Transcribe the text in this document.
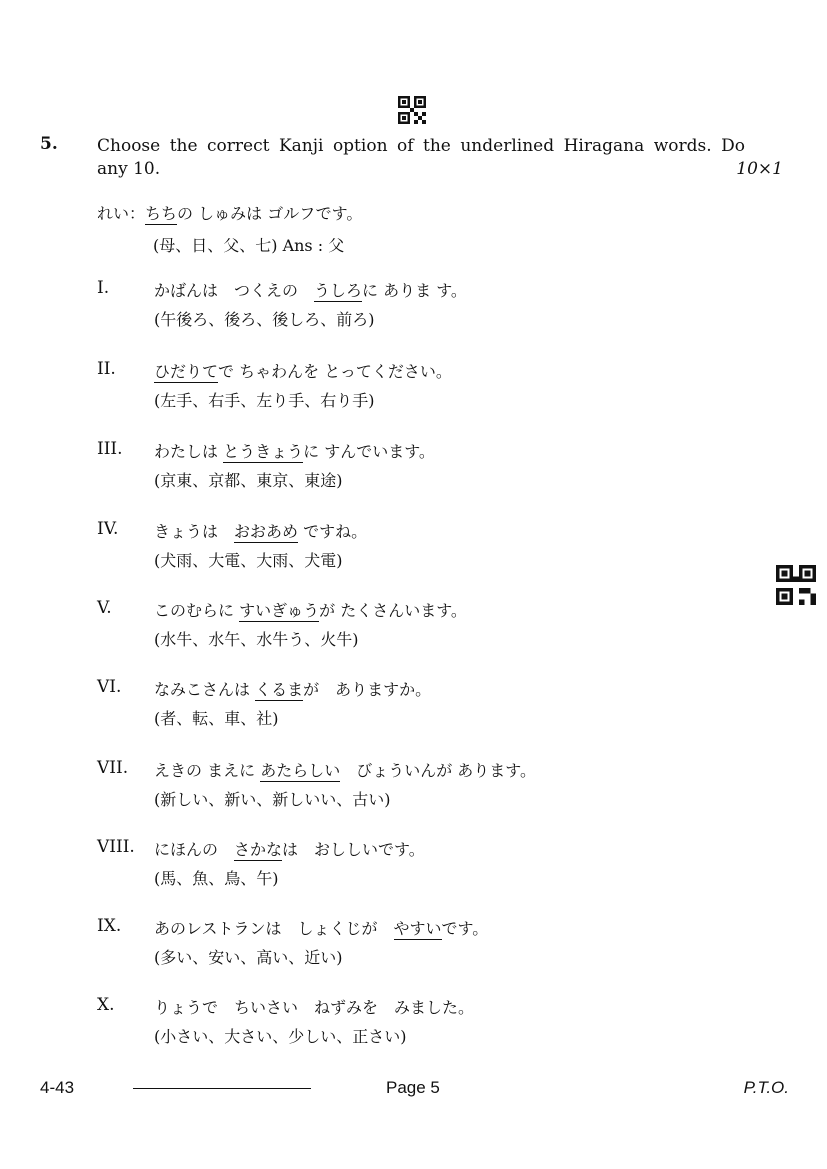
5. Choose the correct Kanji option of the underlined Hiragana words. Do
any 10.	10×1
れい：ちちの しゅみは ゴルフです。
(母、日、父、七) Ans : 父
I.	かばんは　つくえの　うしろに ありま す。
(午後ろ、後ろ、後しろ、前ろ)
II. ひだりてで ちゃわんを とってください。
(左手、右手、左り手、右り手)
III. わたしは とうきょうに すんでいます。
(京東、京都、東京、東途)
IV. きょうは　おおあめ ですね。
(犬雨、大電、大雨、犬電)
V.	このむらに すいぎゅうが たくさんいます。
(水牛、水午、水牛う、火牛)
VI. なみこさんは くるまが　ありますか。
(者、転、車、社)
VII. えきの まえに あたらしい　びょういんが あります。
(新しい、新い、新しいい、古い)
VIII. にほんの　さかなは　おししいです。
(馬、魚、鳥、午)
IX. あのレストランは　しょくじが　やすいです。
(多い、安い、高い、近い)
X. りょうで　ちいさい　ねずみを　みました。
(小さい、大さい、少しい、正さい)
4-43	Page 5	P.T.O.
